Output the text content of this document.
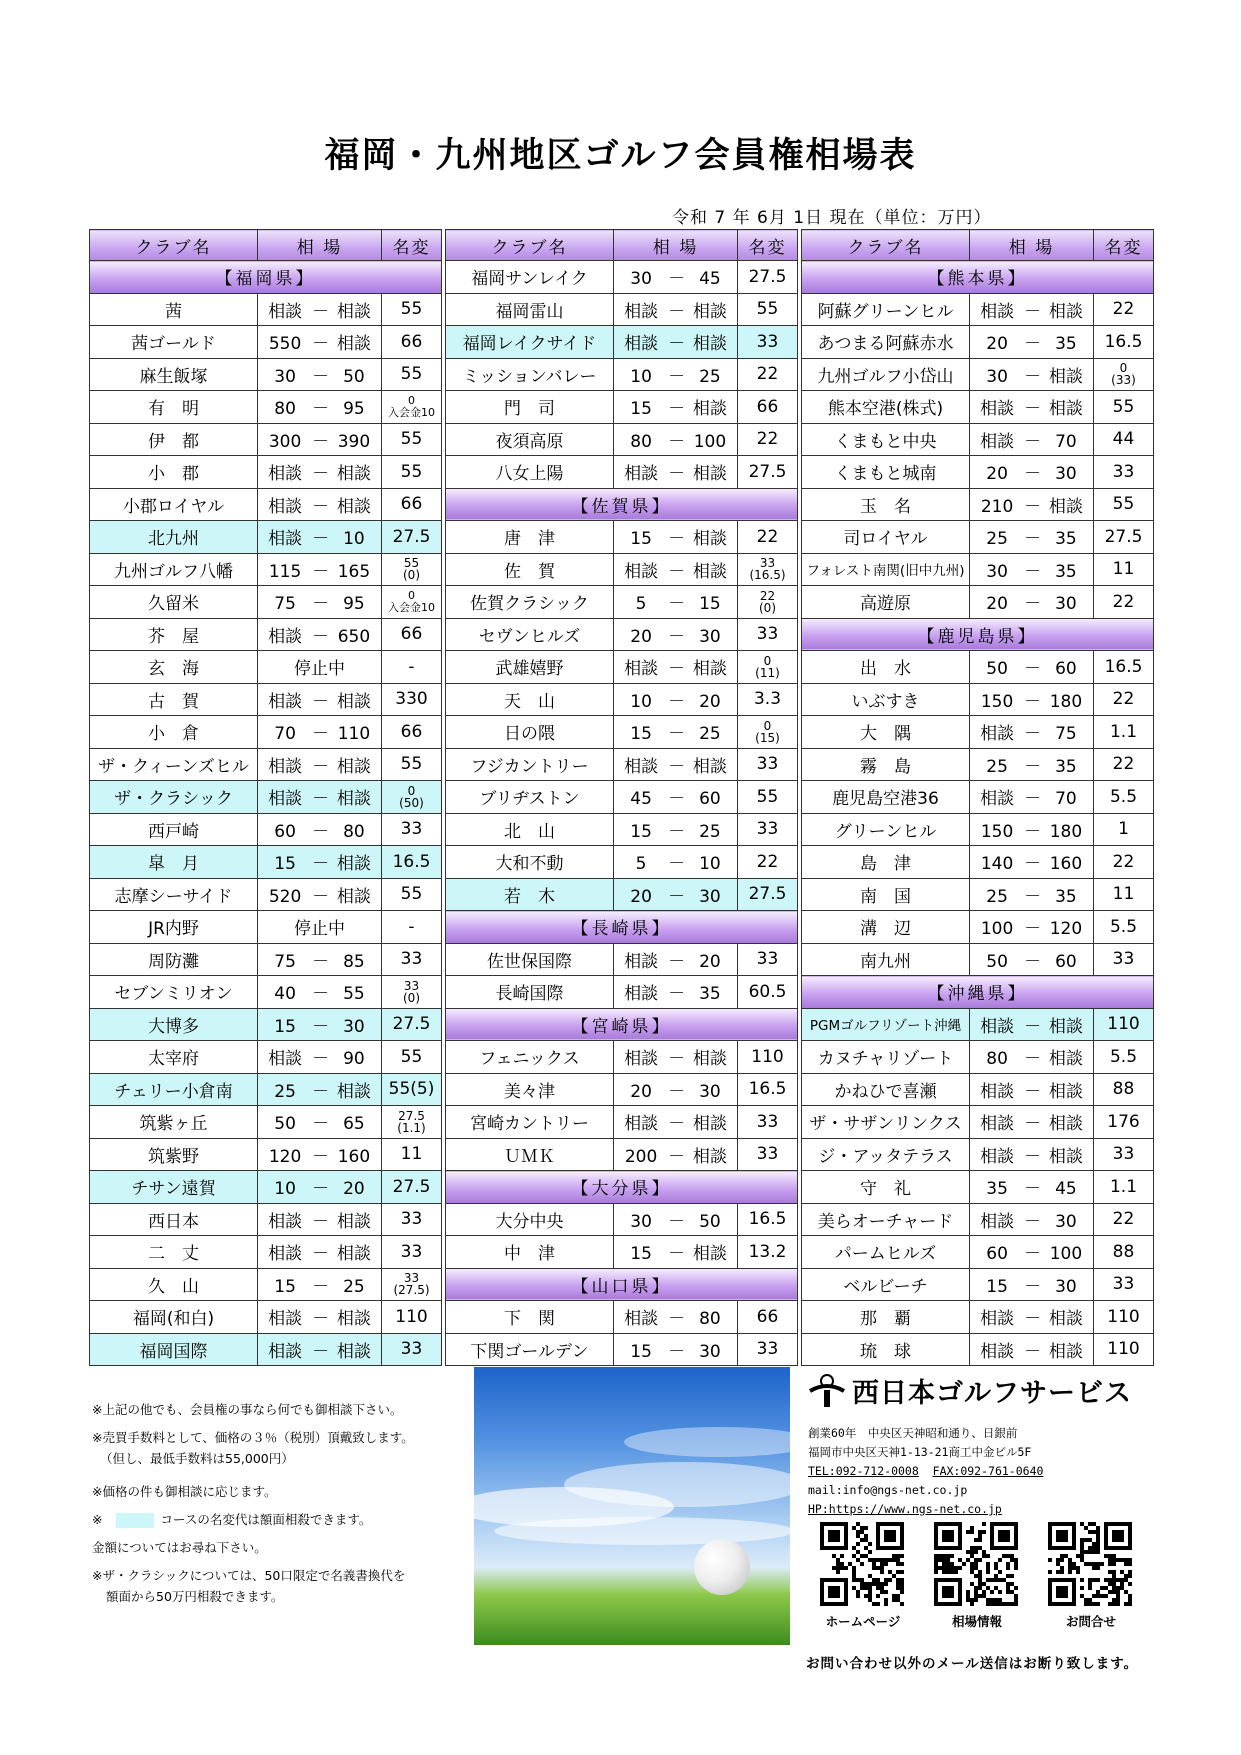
福岡・九州地区ゴルフ会員権相場表
令和 7 年 6月 1日 現在（単位：万円）
クラブ名	相 場	名変
【福岡県】		
茜	相談 － 相談	55
茜ゴールド	550 － 相談	66
麻生飯塚	30 － 50	55
有　明	80 － 95	0
入会金10
伊　都	300 － 390	55
小　郡	相談 － 相談	55
小郡ロイヤル	相談 － 相談	66
北九州	相談 － 10	27.5
九州ゴルフ八幡	115 － 165	55
(0)
久留米	75 － 95	0
入会金10
芥　屋	相談 － 650	66
玄　海	停止中	-
古　賀	相談 － 相談	330
小　倉	70 － 110	66
ザ・クィーンズヒル	相談 － 相談	55
ザ・クラシック	相談 － 相談	0
(50)
西戸崎	60 － 80	33
皐　月	15 － 相談	16.5
志摩シーサイド	520 － 相談	55
JR内野	停止中	-
周防灘	75 － 85	33
セブンミリオン	40 － 55	33
(0)
大博多	15 － 30	27.5
太宰府	相談 － 90	55
チェリー小倉南	25 － 相談	55(5)
筑紫ヶ丘	50 － 65	27.5
(1.1)
筑紫野	120 － 160	11
チサン遠賀	10 － 20	27.5
西日本	相談 － 相談	33
二　丈	相談 － 相談	33
久　山	15 － 25	33
(27.5)
福岡(和白)	相談 － 相談	110
福岡国際	相談 － 相談	33
クラブ名	相 場	名変
福岡サンレイク	30 － 45	27.5
福岡雷山	相談 － 相談	55
福岡レイクサイド	相談 － 相談	33
ミッションバレー	10 － 25	22
門　司	15 － 相談	66
夜須高原	80 － 100	22
八女上陽	相談 － 相談	27.5
【佐賀県】		
唐　津	15 － 相談	22
佐　賀	相談 － 相談	33
(16.5)
佐賀クラシック	5 － 15	22
(0)
セヴンヒルズ	20 － 30	33
武雄嬉野	相談 － 相談	0
(11)
天　山	10 － 20	3.3
日の隈	15 － 25	0
(15)
フジカントリー	相談 － 相談	33
ブリヂストン	45 － 60	55
北　山	15 － 25	33
大和不動	5 － 10	22
若　木	20 － 30	27.5
【長崎県】		
佐世保国際	相談 － 20	33
長崎国際	相談 － 35	60.5
【宮崎県】		
フェニックス	相談 － 相談	110
美々津	20 － 30	16.5
宮崎カントリー	相談 － 相談	33
ＵＭＫ	200 － 相談	33
【大分県】		
大分中央	30 － 50	16.5
中　津	15 － 相談	13.2
【山口県】		
下　関	相談 － 80	66
下関ゴールデン	15 － 30	33
クラブ名	相 場	名変
【熊本県】		
阿蘇グリーンヒル	相談 － 相談	22
あつまる阿蘇赤水	20 － 35	16.5
九州ゴルフ小岱山	30 － 相談	0
(33)
熊本空港(株式)	相談 － 相談	55
くまもと中央	相談 － 70	44
くまもと城南	20 － 30	33
玉　名	210 － 相談	55
司ロイヤル	25 － 35	27.5
フォレスト南関(旧中九州)	30 － 35	11
高遊原	20 － 30	22
【鹿児島県】		
出　水	50 － 60	16.5
いぶすき	150 － 180	22
大　隅	相談 － 75	1.1
霧　島	25 － 35	22
鹿児島空港36	相談 － 70	5.5
グリーンヒル	150 － 180	1
島　津	140 － 160	22
南　国	25 － 35	11
溝　辺	100 － 120	5.5
南九州	50 － 60	33
【沖縄県】		
PGMゴルフリゾート沖縄	相談 － 相談	110
カヌチャリゾート	80 － 相談	5.5
かねひで喜瀬	相談 － 相談	88
ザ・サザンリンクス	相談 － 相談	176
ジ・アッタテラス	相談 － 相談	33
守　礼	35 － 45	1.1
美らオーチャード	相談 － 30	22
パームヒルズ	60 － 100	88
ベルビーチ	15 － 30	33
那　覇	相談 － 相談	110
琉　球	相談 － 相談	110

※上記の他でも、会員権の事なら何でも御相談下さい。

※売買手数料として、価格の３％（税別）頂戴致します。

（但し、最低手数料は55,000円）

※価格の件も御相談に応じます。

※	コースの名変代は額面相殺できます。

金額についてはお尋ね下さい。

※ザ・クラシックについては、50口限定で名義書換代を

額面から50万円相殺できます。

西日本ゴルフサービス
創業60年　中央区天神昭和通り、日銀前
福岡市中央区天神1-13-21商工中金ビル5F
TEL:092-712-0008 FAX:092-761-0640
mail:info@ngs-net.co.jp
HP:https://www.ngs-net.co.jp
ホームページ	相場情報	お問合せ
お問い合わせ以外のメール送信はお断り致します。
